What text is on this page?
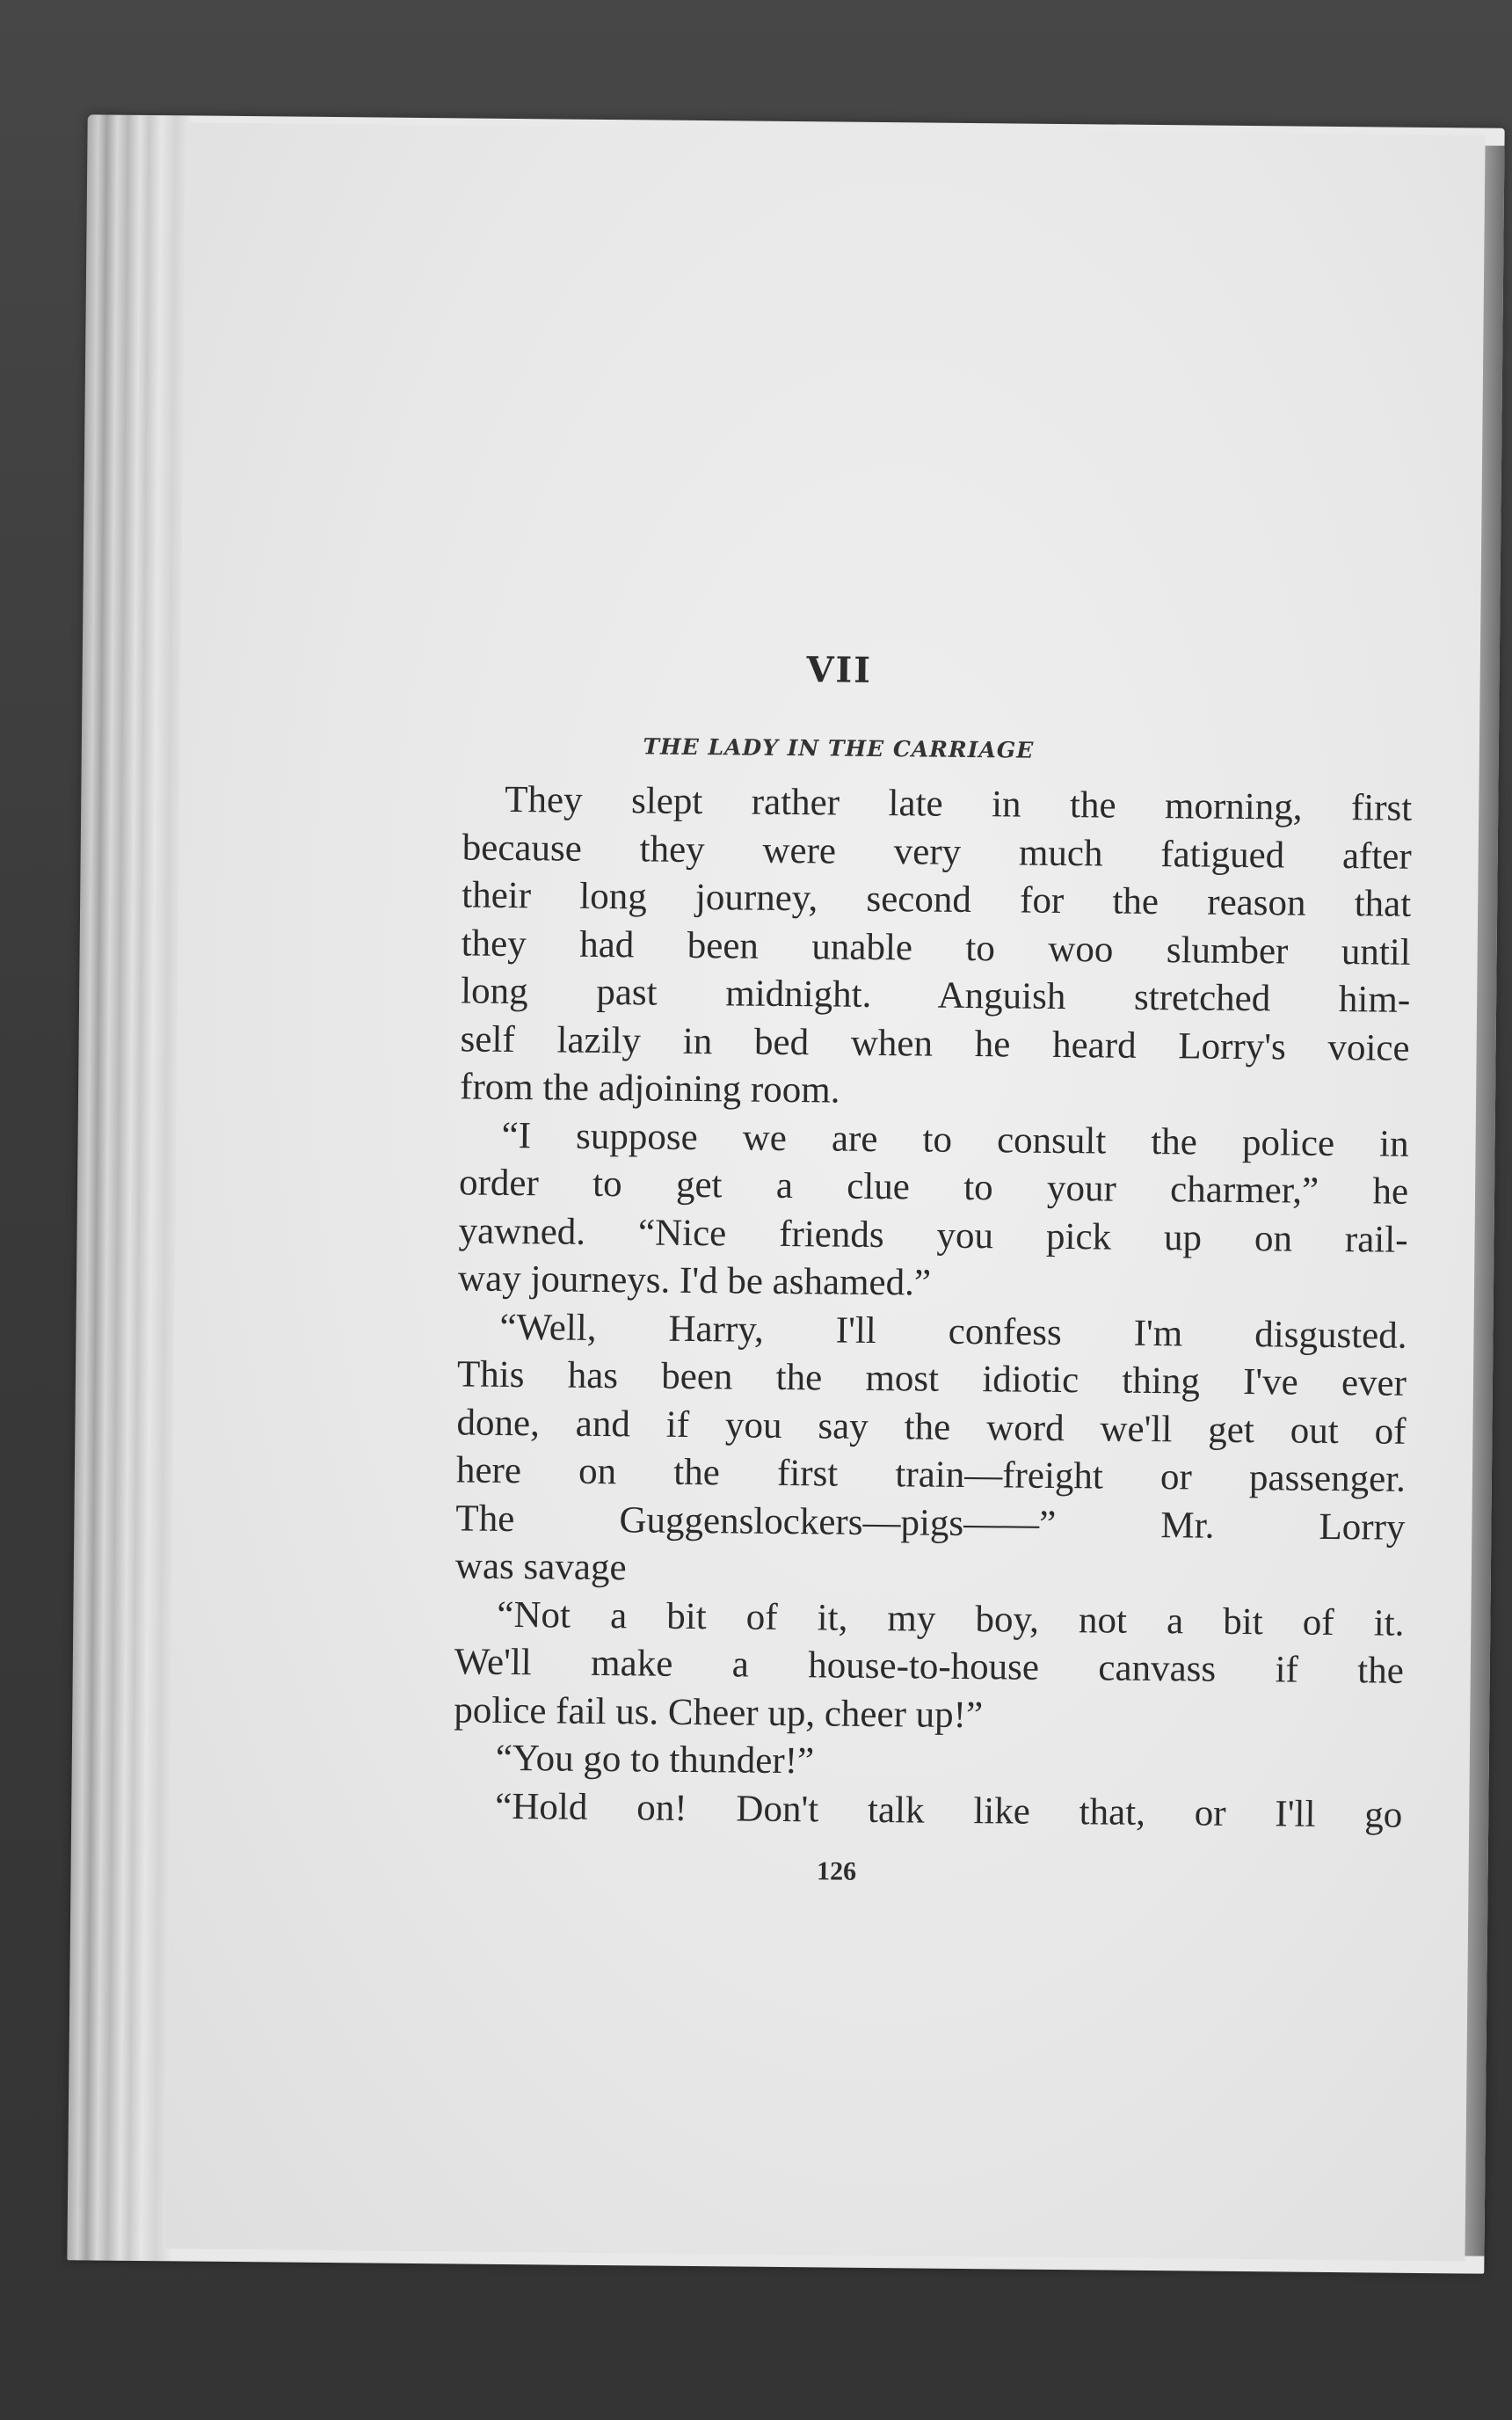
VII
THE LADY IN THE CARRIAGE
They slept rather late in the morning, first
because they were very much fatigued after
their long journey, second for the reason that
they had been unable to woo slumber until
long past midnight. Anguish stretched him-
self lazily in bed when he heard Lorry's voice
from the adjoining room.
“I suppose we are to consult the police in
order to get a clue to your charmer,” he
yawned. “Nice friends you pick up on rail-
way journeys. I'd be ashamed.”
“Well, Harry, I'll confess I'm disgusted.
This has been the most idiotic thing I've ever
done, and if you say the word we'll get out of
here on the first train—freight or passenger.
The Guggenslockers—pigs——” Mr. Lorry
was savage
“Not a bit of it, my boy, not a bit of it.
We'll make a house-to-house canvass if the
police fail us. Cheer up, cheer up!”
“You go to thunder!”
“Hold on! Don't talk like that, or I'll go
126
